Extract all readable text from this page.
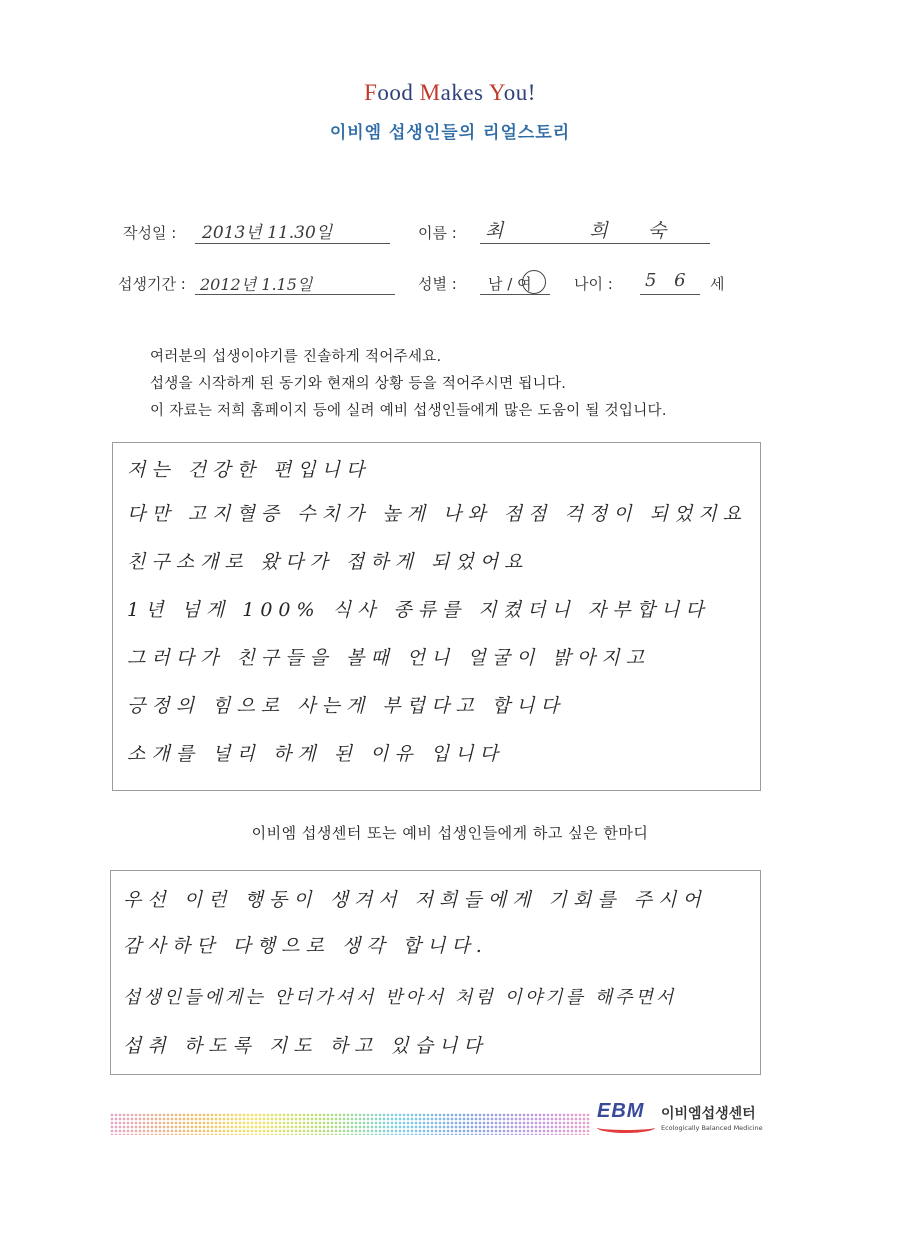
Food Makes You!
이비엠 섭생인들의 리얼스토리
작성일 : 2013년 11.30일	이름 : 최 희숙
섭생기간 : 2012년 1.15일	성별 : 남 / 여	나이 : 5 6 세
여러분의 섭생이야기를 진솔하게 적어주세요.
섭생을 시작하게 된 동기와 현재의 상황 등을 적어주시면 됩니다.
이 자료는 저희 홈페이지 등에 실려 예비 섭생인들에게 많은 도움이 될 것입니다.
저는 건강한 편입니다
다만 고지혈증 수치가 높게 나와 점점 걱정이 되었지요
친구소개로 왔다가 접하게 되었어요
1년 넘게 100% 식사 종류를 지켰더니 자부합니다
그러다가 친구들을 볼때 언니 얼굴이 밝아지고
긍정의 힘으로 사는게 부럽다고 합니다
소개를 널리 하게 된 이유 입니다
이비엠 섭생센터 또는 예비 섭생인들에게 하고 싶은 한마디
우선 이런 행동이 생겨서 저희들에게 기회를 주시어
감사하단 다행으로 생각 합니다.
섭생인들에게는 안더가셔서 반아서 처럼 이야기를 해주면서
섭취 하도록 지도 하고 있습니다
EBM 이비엠섭생센터
Ecologically Balanced Medicine
